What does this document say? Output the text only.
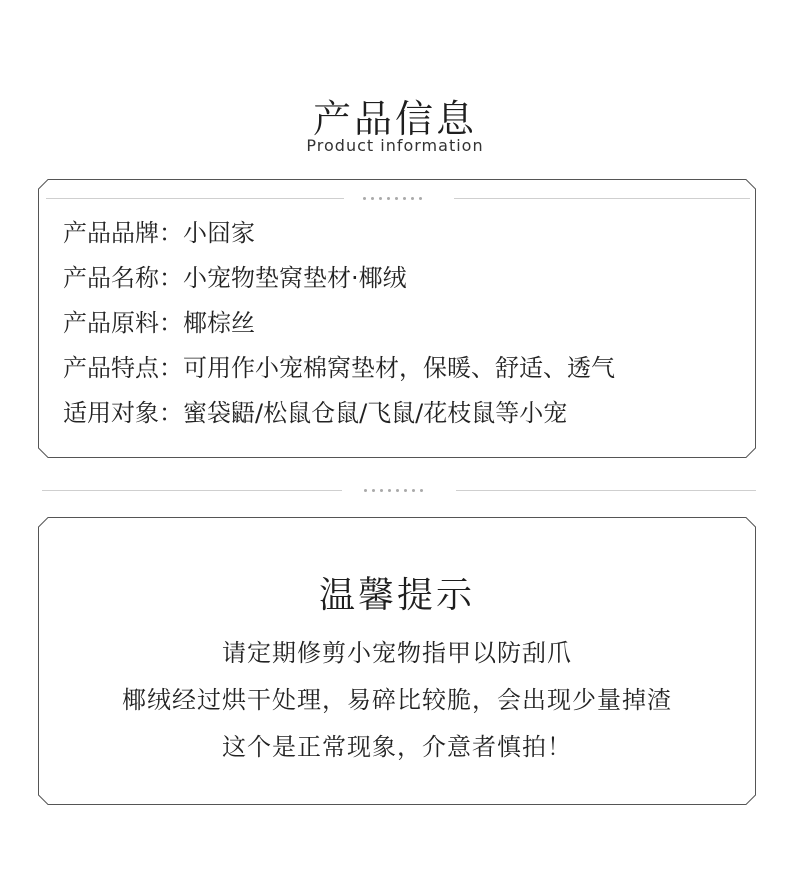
产品信息
Product information
产品品牌：小囧家
产品名称：小宠物垫窝垫材·椰绒
产品原料：椰棕丝
产品特点：可用作小宠棉窝垫材，保暖、舒适、透气
适用对象：蜜袋鼯/松鼠仓鼠/飞鼠/花枝鼠等小宠
温馨提示
请定期修剪小宠物指甲以防刮爪
椰绒经过烘干处理，易碎比较脆，会出现少量掉渣
这个是正常现象，介意者慎拍！
